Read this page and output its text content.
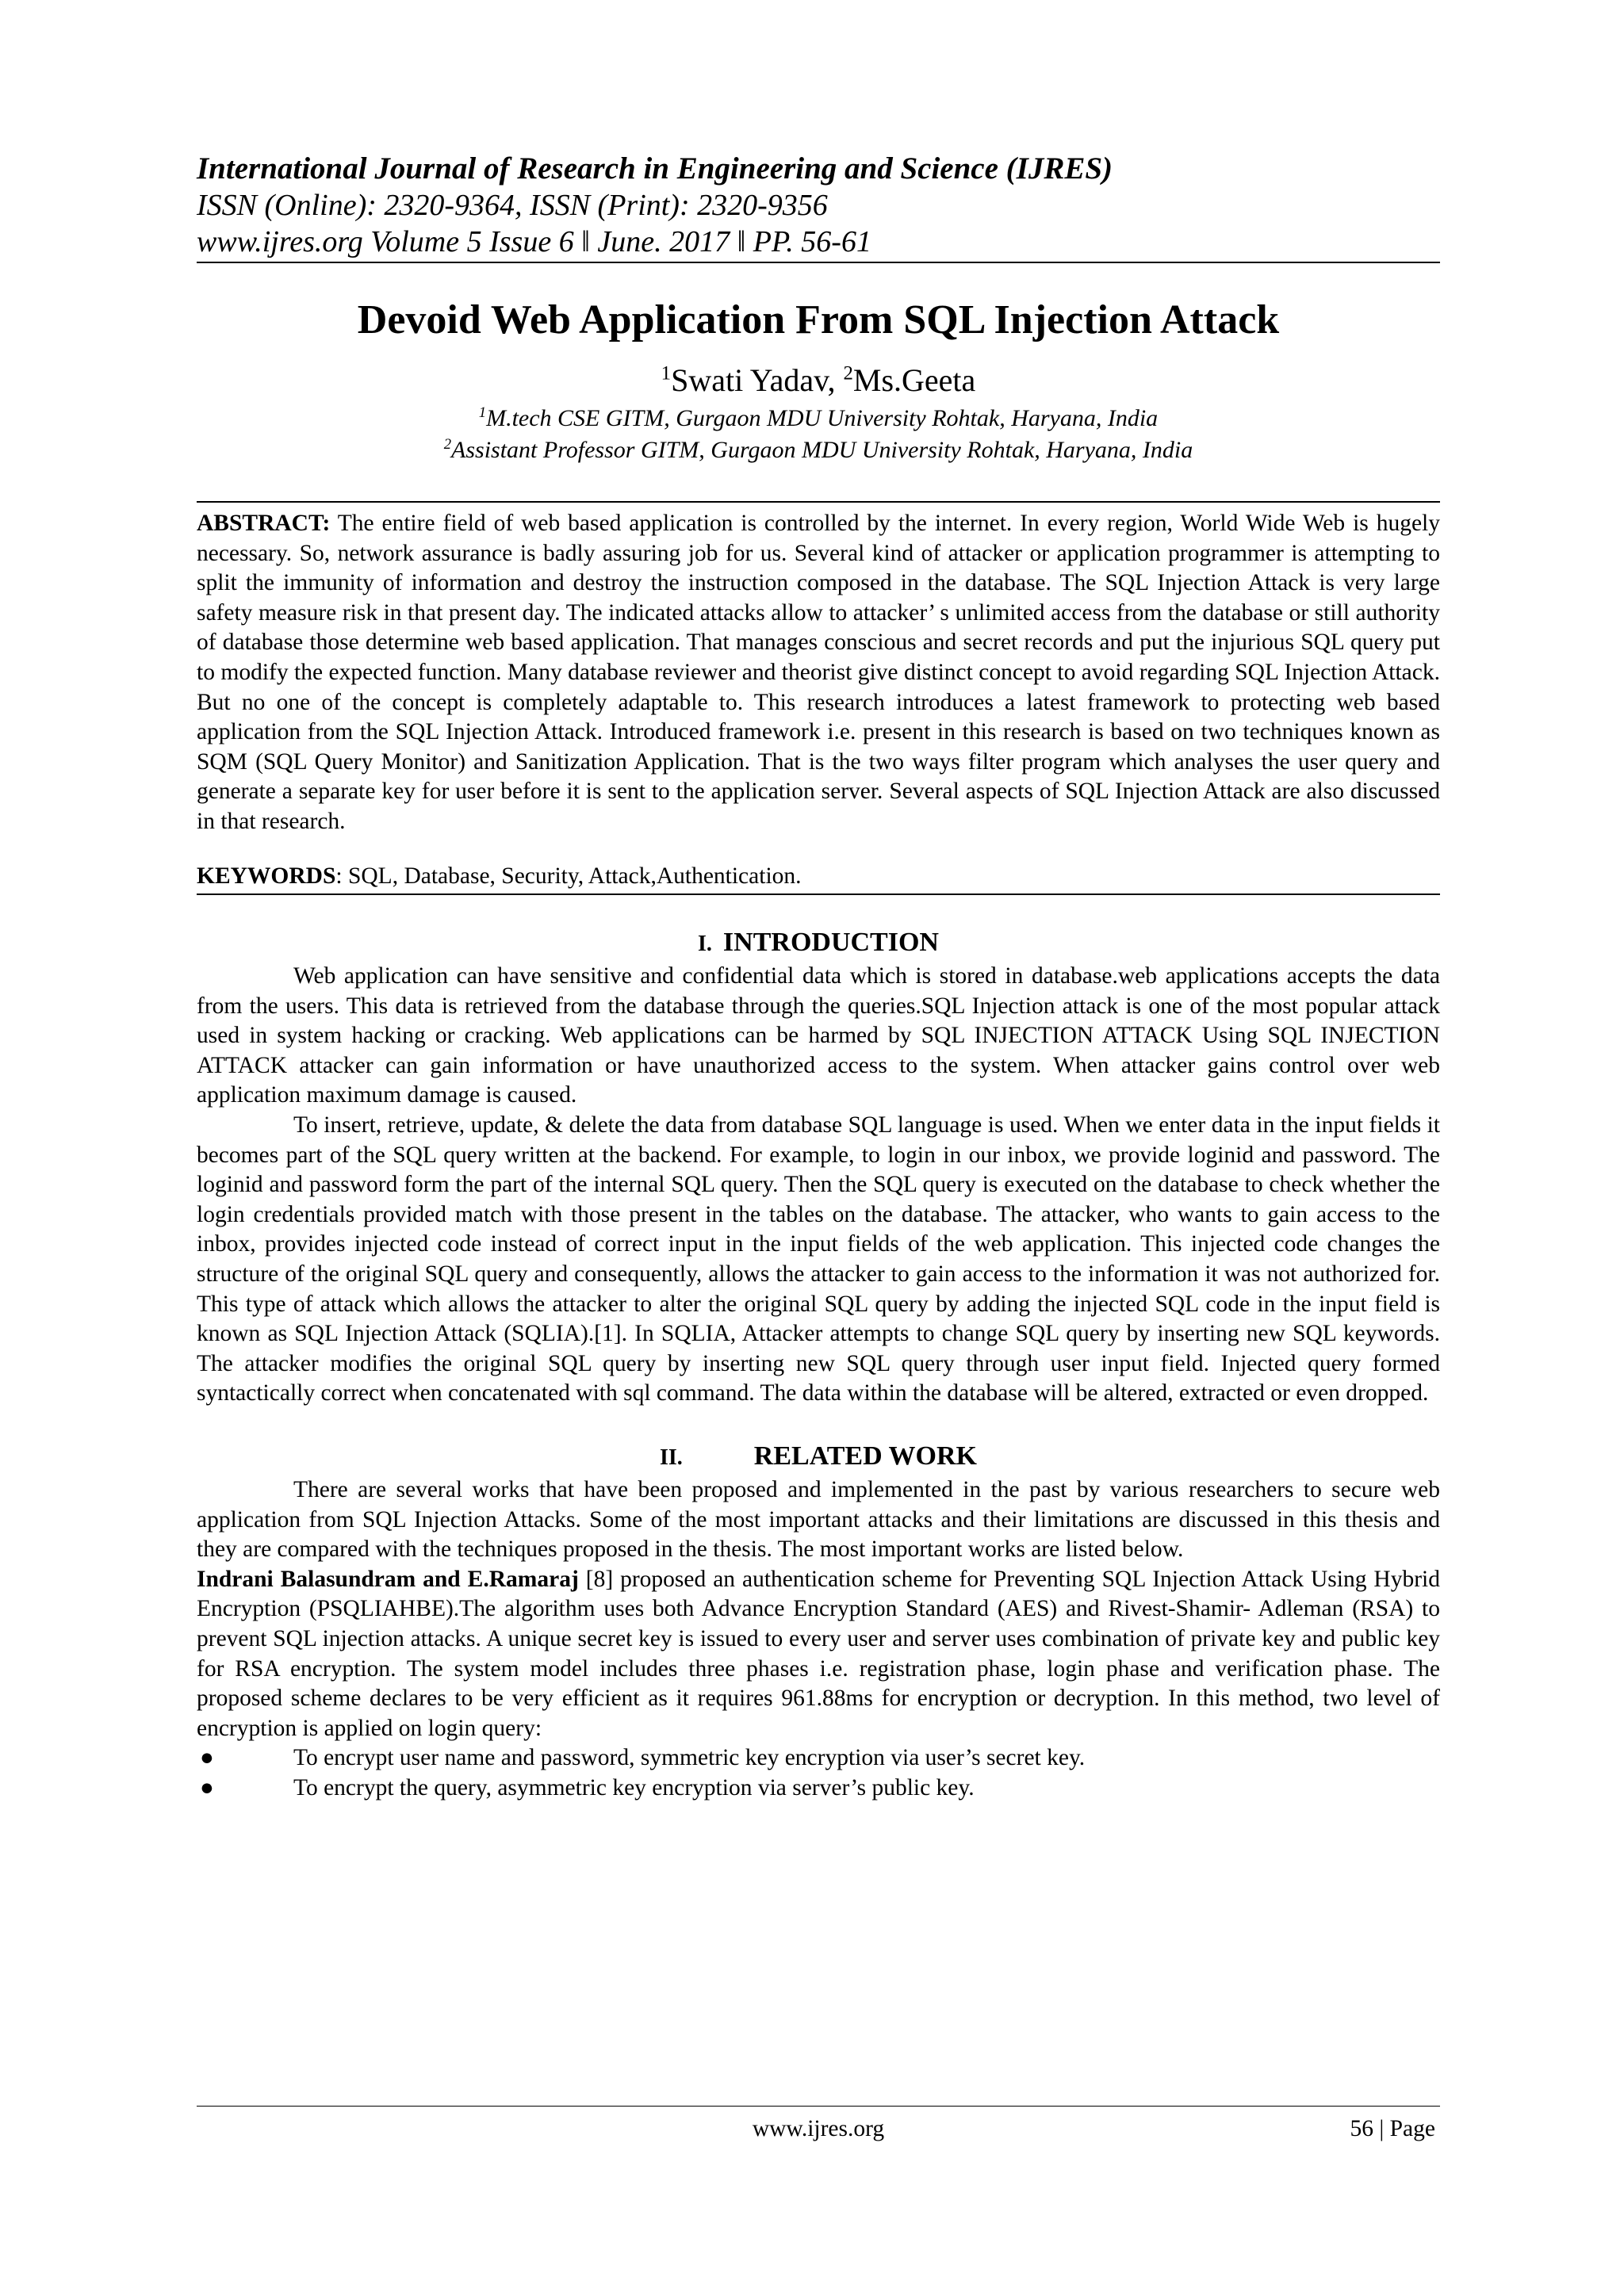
International Journal of Research in Engineering and Science (IJRES)
ISSN (Online): 2320-9364, ISSN (Print): 2320-9356
www.ijres.org Volume 5 Issue 6 ǁ June. 2017 ǁ PP. 56-61
Devoid Web Application From SQL Injection Attack
$^1$Swati Yadav, $^2$Ms.Geeta
$^1$M.tech CSE GITM, Gurgaon MDU University Rohtak, Haryana, India
$^2$Assistant Professor GITM, Gurgaon MDU University Rohtak, Haryana, India

ABSTRACT: The entire field of web based application is controlled by the internet. In every region, World Wide Web is hugely necessary. So, network assurance is badly assuring job for us. Several kind of attacker or application programmer is attempting to split the immunity of information and destroy the instruction composed in the database. The SQL Injection Attack is very large safety measure risk in that present day. The indicated attacks allow to attacker’ s unlimited access from the database or still authority of database those determine web based application. That manages conscious and secret records and put the injurious SQL query put to modify the expected function. Many database reviewer and theorist give distinct concept to avoid regarding SQL Injection Attack. But no one of the concept is completely adaptable to. This research introduces a latest framework to protecting web based application from the SQL Injection Attack. Introduced framework i.e. present in this research is based on two techniques known as SQM (SQL Query Monitor) and Sanitization Application. That is the two ways filter program which analyses the user query and generate a separate key for user before it is sent to the application server. Several aspects of SQL Injection Attack are also discussed in that research.

KEYWORDS: SQL, Database, Security, Attack,Authentication.
I. INTRODUCTION

Web application can have sensitive and confidential data which is stored in database.web applications accepts the data from the users. This data is retrieved from the database through the queries.SQL Injection attack is one of the most popular attack used in system hacking or cracking. Web applications can be harmed by SQL INJECTION ATTACK Using SQL INJECTION ATTACK attacker can gain information or have unauthorized access to the system. When attacker gains control over web application maximum damage is caused.

To insert, retrieve, update, & delete the data from database SQL language is used. When we enter data in the input fields it becomes part of the SQL query written at the backend. For example, to login in our inbox, we provide loginid and password. The loginid and password form the part of the internal SQL query. Then the SQL query is executed on the database to check whether the login credentials provided match with those present in the tables on the database. The attacker, who wants to gain access to the inbox, provides injected code instead of correct input in the input fields of the web application. This injected code changes the structure of the original SQL query and consequently, allows the attacker to gain access to the information it was not authorized for. This type of attack which allows the attacker to alter the original SQL query by adding the injected SQL code in the input field is known as SQL Injection Attack (SQLIA).[1]. In SQLIA, Attacker attempts to change SQL query by inserting new SQL keywords. The attacker modifies the original SQL query by inserting new SQL query through user input field. Injected query formed syntactically correct when concatenated with sql command. The data within the database will be altered, extracted or even dropped.

II.	RELATED WORK

There are several works that have been proposed and implemented in the past by various researchers to secure web application from SQL Injection Attacks. Some of the most important attacks and their limitations are discussed in this thesis and they are compared with the techniques proposed in the thesis. The most important works are listed below.

Indrani Balasundram and E.Ramaraj [8] proposed an authentication scheme for Preventing SQL Injection Attack Using Hybrid Encryption (PSQLIAHBE).The algorithm uses both Advance Encryption Standard (AES) and Rivest-Shamir- Adleman (RSA) to prevent SQL injection attacks. A unique secret key is issued to every user and server uses combination of private key and public key for RSA encryption. The system model includes three phases i.e. registration phase, login phase and verification phase. The proposed scheme declares to be very efficient as it requires 961.88ms for encryption or decryption. In this method, two level of encryption is applied on login query:

●	To encrypt user name and password, symmetric key encryption via user’s secret key.
●	To encrypt the query, asymmetric key encryption via server’s public key.
www.ijres.org	56 | Page
